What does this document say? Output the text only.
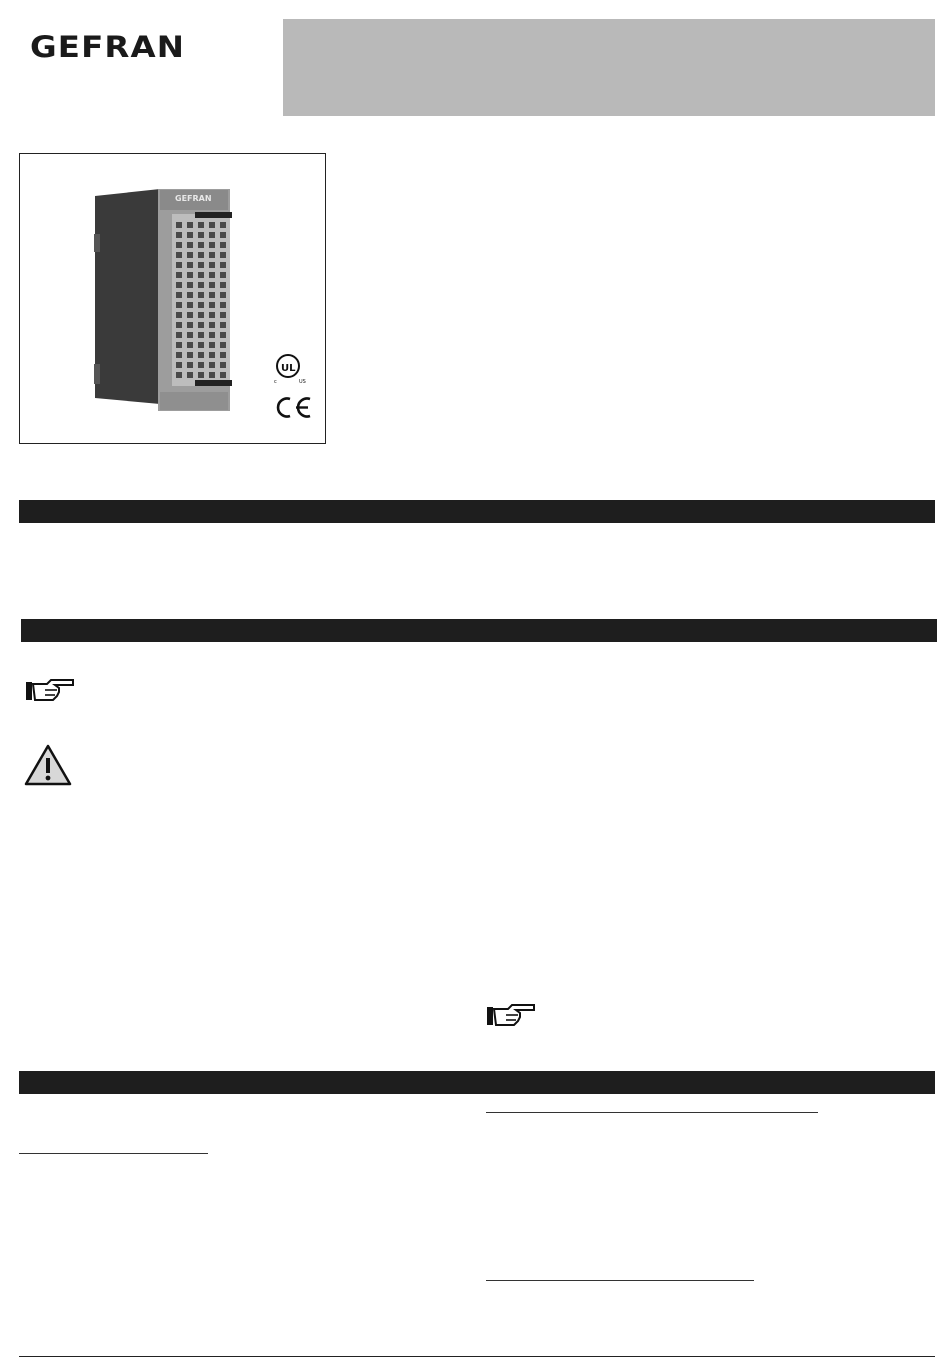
GEFRAN
GEFRAN
UL
c	US
